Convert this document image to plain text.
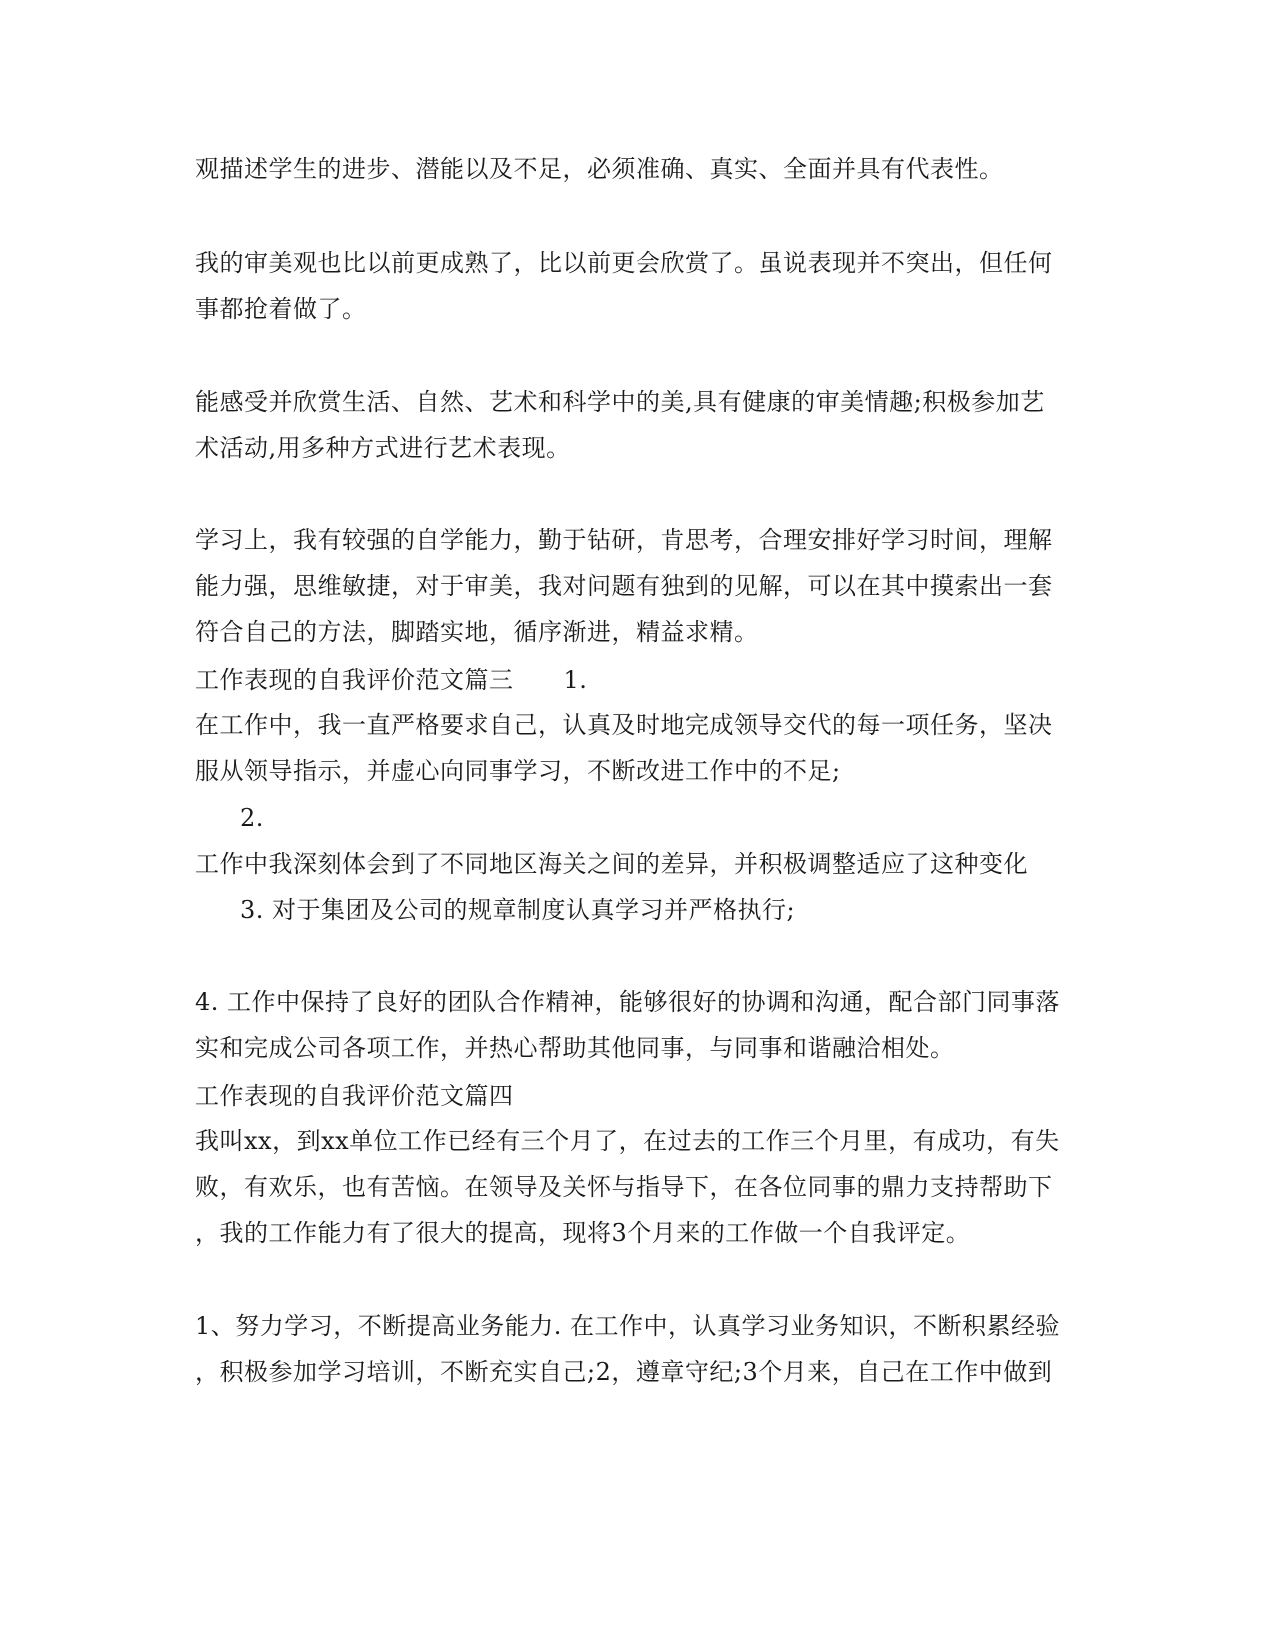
观描述学生的进步、潜能以及不足，必须准确、真实、全面并具有代表性。
我的审美观也比以前更成熟了，比以前更会欣赏了。虽说表现并不突出，但任何
事都抢着做了。
能感受并欣赏生活、自然、艺术和科学中的美,具有健康的审美情趣;积极参加艺
术活动,用多种方式进行艺术表现。
学习上，我有较强的自学能力，勤于钻研，肯思考，合理安排好学习时间，理解
能力强，思维敏捷，对于审美，我对问题有独到的见解，可以在其中摸索出一套
符合自己的方法，脚踏实地，循序渐进，精益求精。
工作表现的自我评价范文篇三 1.
在工作中，我一直严格要求自己，认真及时地完成领导交代的每一项任务，坚决
服从领导指示，并虚心向同事学习，不断改进工作中的不足;
2.
工作中我深刻体会到了不同地区海关之间的差异，并积极调整适应了这种变化
3. 对于集团及公司的规章制度认真学习并严格执行;
4. 工作中保持了良好的团队合作精神，能够很好的协调和沟通，配合部门同事落
实和完成公司各项工作，并热心帮助其他同事，与同事和谐融洽相处。
工作表现的自我评价范文篇四
我叫xx，到xx单位工作已经有三个月了，在过去的工作三个月里，有成功，有失
败，有欢乐，也有苦恼。在领导及关怀与指导下，在各位同事的鼎力支持帮助下
，我的工作能力有了很大的提高，现将3个月来的工作做一个自我评定。
1、努力学习，不断提高业务能力. 在工作中，认真学习业务知识，不断积累经验
，积极参加学习培训，不断充实自己;2，遵章守纪;3个月来，自己在工作中做到
